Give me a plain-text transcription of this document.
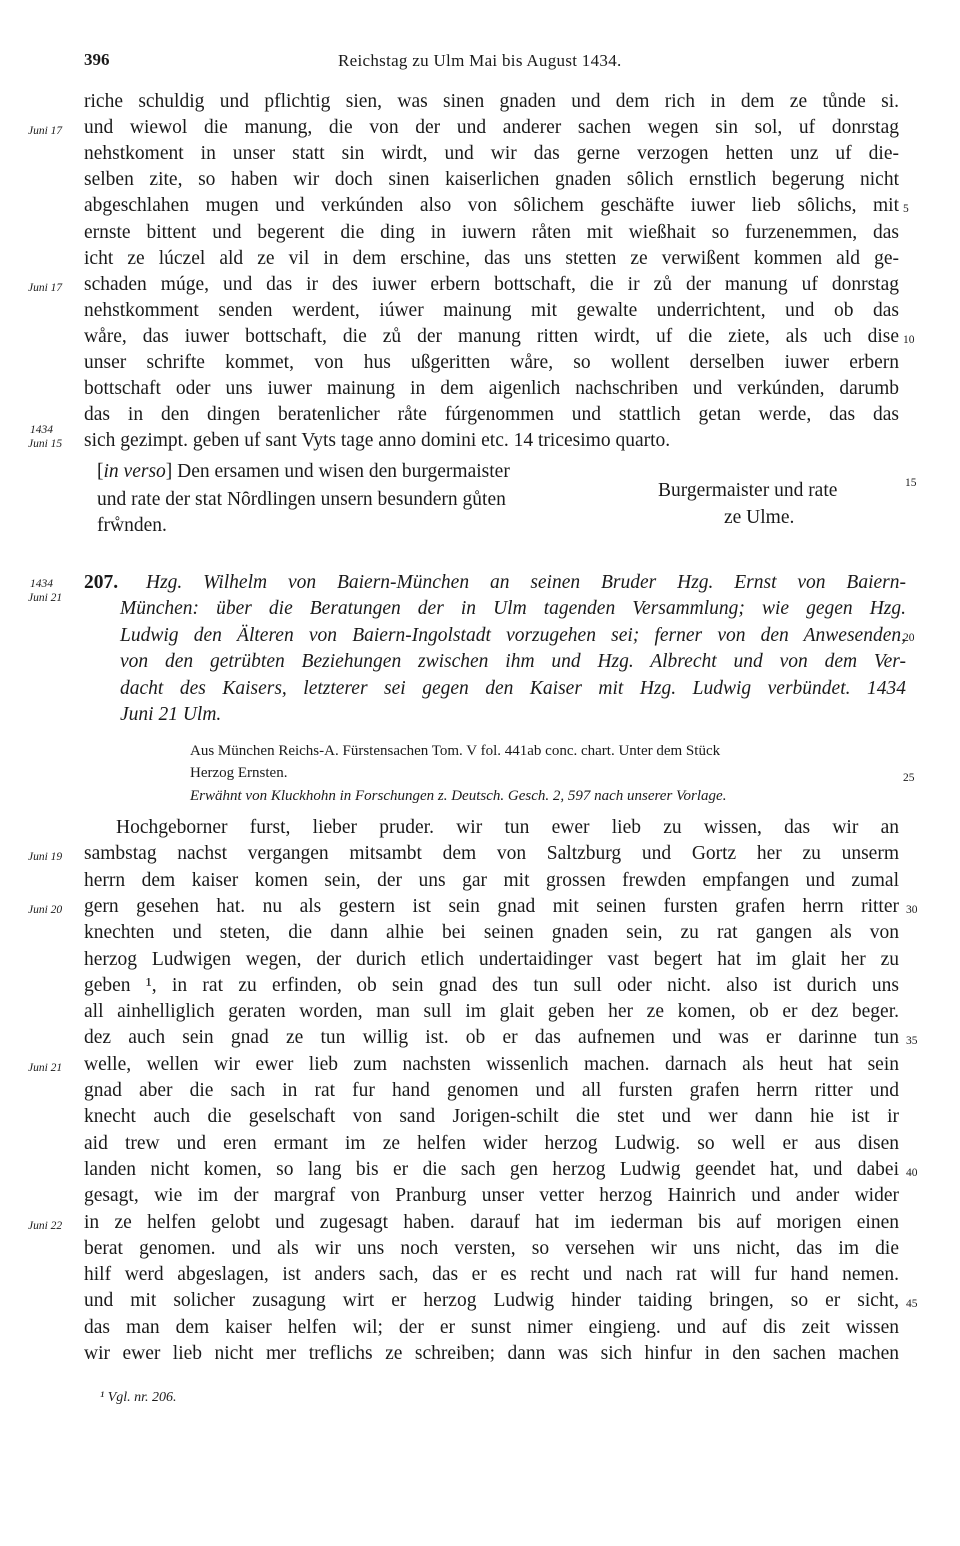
396	Reichstag zu Ulm Mai bis August 1434.
riche schuldig und pflichtig sien, was sinen gnaden und dem rich in dem ze tůnde si.
und wiewol die manung, die von der und anderer sachen wegen sin sol, uf donrstag
nehstkoment in unser statt sin wirdt, und wir das gerne verzogen hetten unz uf die-
selben zite, so haben wir doch sinen kaiserlichen gnaden sȏlich ernstlich begerung nicht
abgeschlahen mugen und verkúnden also von sȏlichem geschäfte iuwer lieb sȏlichs, mit
ernste bittent und begerent die ding in iuwern råten mit wießhait so furzenemmen, das
icht ze lúczel ald ze vil in dem erschine, das uns stetten ze verwißent kommen ald ge-
schaden múge, und das ir des iuwer erbern bottschaft, die ir zů der manung uf donrstag
nehstkomment senden werdent, iúwer mainung mit gewalte underrichtent, und ob das
wåre, das iuwer bottschaft, die zů der manung ritten wirdt, uf die ziete, als uch dise
unser schrifte kommet, von hus ußgeritten wåre, so wollent derselben iuwer erbern
bottschaft oder uns iuwer mainung in dem aigenlich nachschriben und verkúnden, darumb
das in den dingen beratenlicher råte fúrgenommen und stattlich getan werde, das das
sich gezimpt. geben uf sant Vyts tage anno domini etc. 14 tricesimo quarto.
Juni 17
Juni 17
1434
Juni 15
5
10
[in verso] Den ersamen und wisen den burgermaister
und rate der stat Nȏrdlingen unsern besundern gůten
frẘnden.
Burgermaister und rate
ze Ulme.
15
1434
Juni 21
207. Hzg. Wilhelm von Baiern-München an seinen Bruder Hzg. Ernst von Baiern-
München: über die Beratungen der in Ulm tagenden Versammlung; wie gegen Hzg.
Ludwig den Älteren von Baiern-Ingolstadt vorzugehen sei; ferner von den Anwesenden,
von den getrübten Beziehungen zwischen ihm und Hzg. Albrecht und von dem Ver-
dacht des Kaisers, letzterer sei gegen den Kaiser mit Hzg. Ludwig verbündet. 1434
Juni 21 Ulm.
20
Aus München Reichs-A. Fürstensachen Tom. V fol. 441ab conc. chart. Unter dem Stück
Herzog Ernsten.
Erwähnt von Kluckhohn in Forschungen z. Deutsch. Gesch. 2, 597 nach unserer Vorlage.
25
Hochgeborner furst, lieber pruder. wir tun ewer lieb zu wissen, das wir an
sambstag nachst vergangen mitsambt dem von Saltzburg und Gortz her zu unserm
herrn dem kaiser komen sein, der uns gar mit grossen frewden empfangen und zumal
gern gesehen hat. nu als gestern ist sein gnad mit seinen fursten grafen herrn ritter
knechten und steten, die dann alhie bei seinen gnaden sein, zu rat gangen als von
herzog Ludwigen wegen, der durich etlich undertaidinger vast begert hat im glait her zu
geben ¹, in rat zu erfinden, ob sein gnad des tun sull oder nicht. also ist durich uns
all ainhelliglich geraten worden, man sull im glait geben her ze komen, ob er dez beger.
dez auch sein gnad ze tun willig ist. ob er das aufnemen und was er darinne tun
welle, wellen wir ewer lieb zum nachsten wissenlich machen. darnach als heut hat sein
gnad aber die sach in rat fur hand genomen und all fursten grafen herrn ritter und
knecht auch die geselschaft von sand Jorigen-schilt die stet und wer dann hie ist ir
aid trew und eren ermant im ze helfen wider herzog Ludwig. so well er aus disen
landen nicht komen, so lang bis er die sach gen herzog Ludwig geendet hat, und dabei
gesagt, wie im der margraf von Pranburg unser vetter herzog Hainrich und ander wider
in ze helfen gelobt und zugesagt haben. darauf hat im iederman bis auf morigen einen
berat genomen. und als wir uns noch versten, so versehen wir uns nicht, das im die
hilf werd abgeslagen, ist anders sach, das er es recht und nach rat will fur hand nemen.
und mit solicher zusagung wirt er herzog Ludwig hinder taiding bringen, so er sicht,
das man dem kaiser helfen wil; der er sunst nimer eingieng. und auf dis zeit wissen
wir ewer lieb nicht mer treflichs ze schreiben; dann was sich hinfur in den sachen machen
Juni 19
Juni 20
Juni 21
Juni 22
30
35
40
45
¹ Vgl. nr. 206.
